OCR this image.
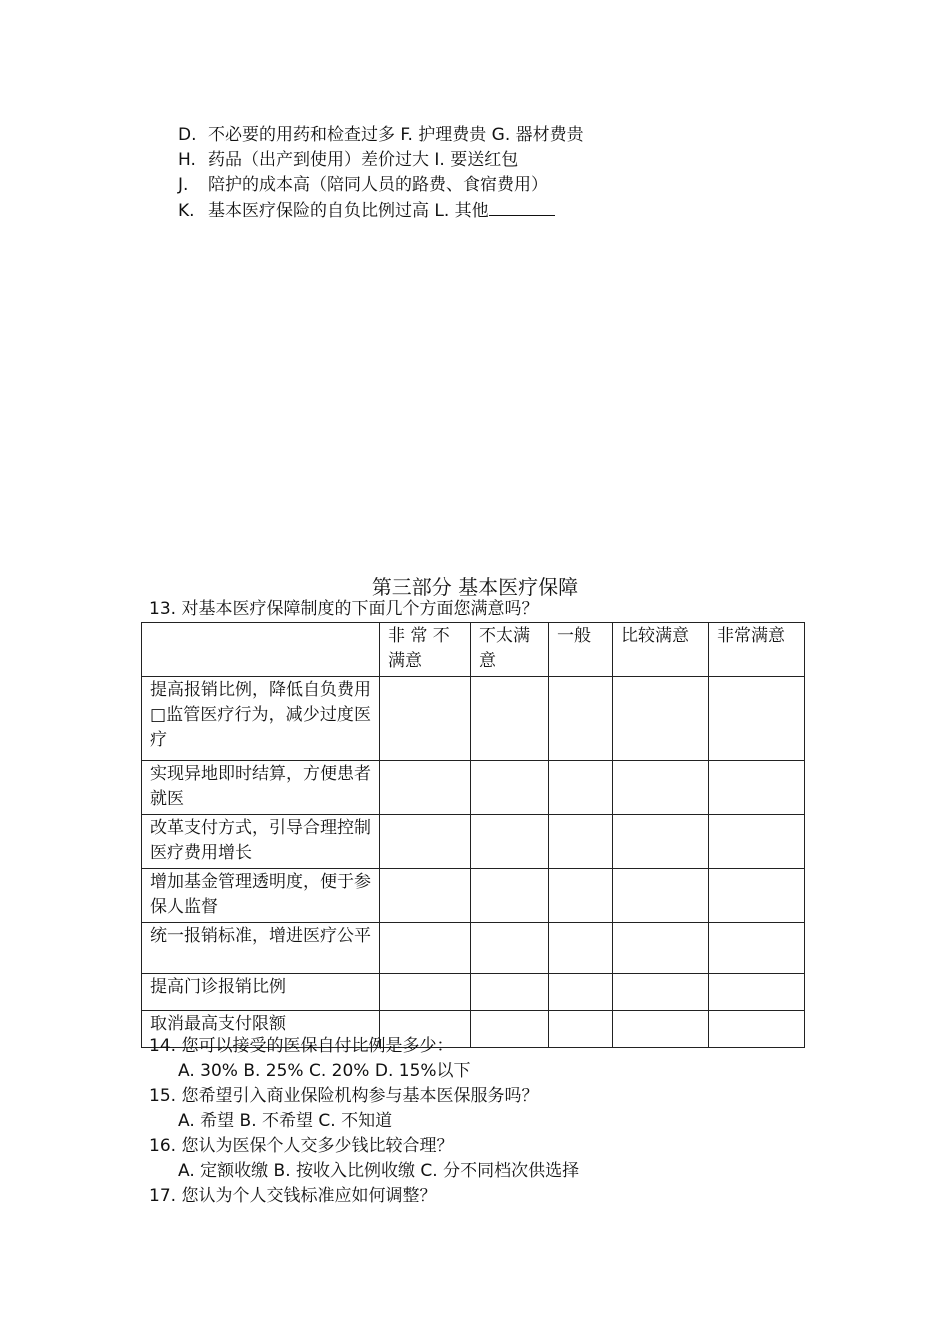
D. 不必要的用药和检查过多 F. 护理费贵 G. 器材费贵
H. 药品（出产到使用）差价过大 I. 要送红包
J. 陪护的成本高（陪同人员的路费、食宿费用）
K. 基本医疗保险的自负比例过高 L. 其他
第三部分 基本医疗保障
13. 对基本医疗保障制度的下面几个方面您满意吗？
	非 常 不 满意	不太满意	一般	比较满意	非常满意
提高报销比例，降低自负费用□监管医疗行为，减少过度医疗					
实现异地即时结算，方便患者就医					
改革支付方式，引导合理控制医疗费用增长					
增加基金管理透明度，便于参保人监督					
统一报销标准，增进医疗公平					
提高门诊报销比例					
取消最高支付限额					
14. 您可以接受的医保自付比例是多少：
A. 30% B. 25% C. 20% D. 15%以下
15. 您希望引入商业保险机构参与基本医保服务吗？
A. 希望 B. 不希望 C. 不知道
16. 您认为医保个人交多少钱比较合理？
A. 定额收缴 B. 按收入比例收缴 C. 分不同档次供选择
17. 您认为个人交钱标准应如何调整？
